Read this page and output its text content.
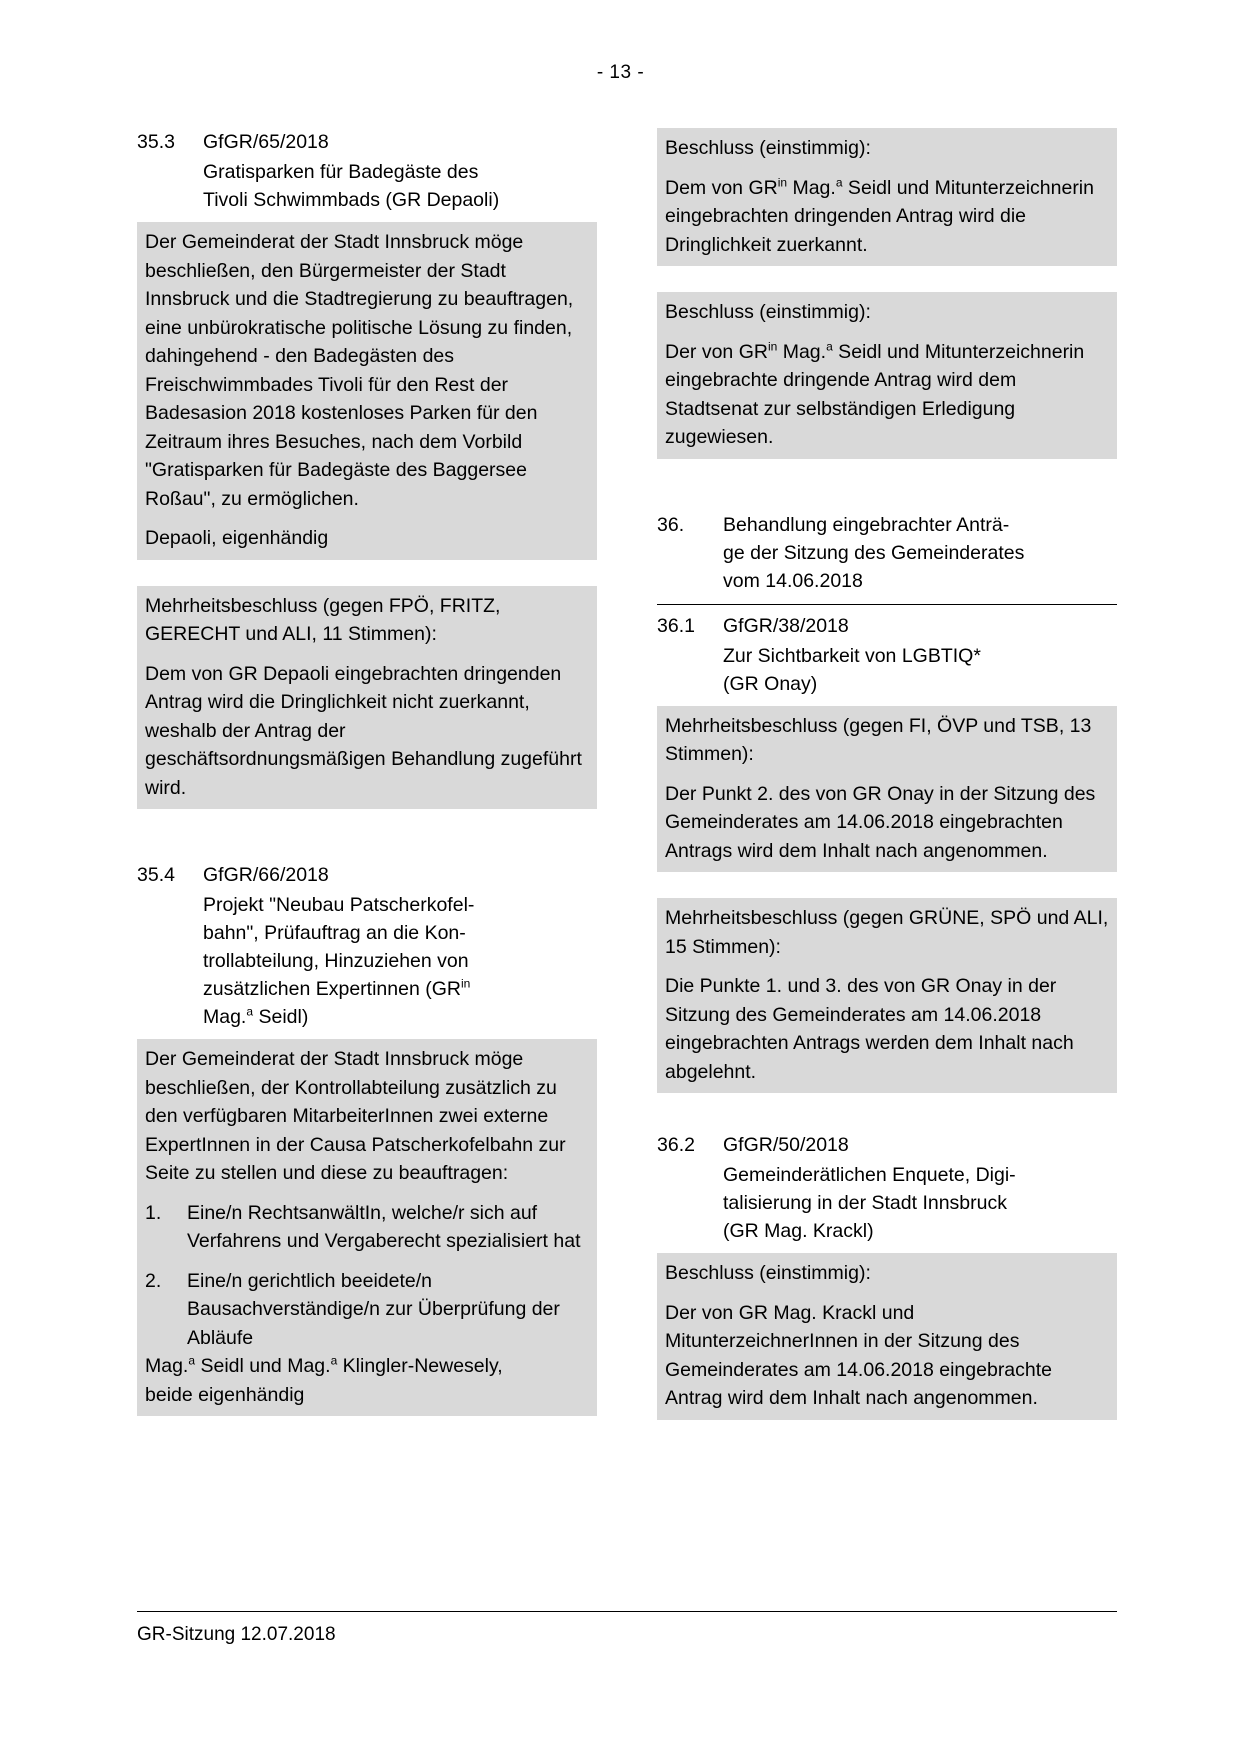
- 13 -
35.3	GfGR/65/2018
Gratisparken für Badegäste des
Tivoli Schwimmbads (GR Depaoli)

Der Gemeinderat der Stadt Innsbruck möge beschließen, den Bürgermeister der Stadt Innsbruck und die Stadtregierung zu beauftragen, eine unbürokratische politische Lösung zu finden, dahingehend - den Badegästen des Freischwimmbades Tivoli für den Rest der Badesasion 2018 kostenloses Parken für den Zeitraum ihres Besuches, nach dem Vorbild "Gratisparken für Badegäste des Baggersee Roßau", zu ermöglichen.

Depaoli, eigenhändig

Mehrheitsbeschluss (gegen FPÖ, FRITZ, GERECHT und ALI, 11 Stimmen):

Dem von GR Depaoli eingebrachten dringenden Antrag wird die Dringlichkeit nicht zuerkannt, weshalb der Antrag der geschäftsordnungsmäßigen Behandlung zugeführt wird.

35.4	GfGR/66/2018
Projekt "Neubau Patscherkofel-
bahn", Prüfauftrag an die Kon-
trollabteilung, Hinzuziehen von
zusätzlichen Expertinnen ($GR^{in}$
Mag.$^a$ Seidl)

Der Gemeinderat der Stadt Innsbruck möge beschließen, der Kontrollabteilung zusätzlich zu den verfügbaren MitarbeiterInnen zwei externe ExpertInnen in der Causa Patscherkofelbahn zur Seite zu stellen und diese zu beauftragen:

1.	Eine/n RechtsanwältIn, welche/r sich auf Verfahrens und Vergaberecht spezialisiert hat
2.	Eine/n gerichtlich beeidete/n Bausachverständige/n zur Überprüfung der Abläufe

Mag.$^a$ Seidl und Mag.$^a$ Klingler-Newesely,
beide eigenhändig

Beschluss (einstimmig):

Dem von $GR^{in}$ Mag.$^a$ Seidl und Mitunterzeichnerin eingebrachten dringenden Antrag wird die Dringlichkeit zuerkannt.

Beschluss (einstimmig):

Der von $GR^{in}$ Mag.$^a$ Seidl und Mitunterzeichnerin eingebrachte dringende Antrag wird dem Stadtsenat zur selbständigen Erledigung zugewiesen.

36.	Behandlung eingebrachter Anträ-
ge der Sitzung des Gemeinderates
vom 14.06.2018
36.1	GfGR/38/2018
Zur Sichtbarkeit von LGBTIQ*
(GR Onay)

Mehrheitsbeschluss (gegen FI, ÖVP und TSB, 13 Stimmen):

Der Punkt 2. des von GR Onay in der Sitzung des Gemeinderates am 14.06.2018 eingebrachten Antrags wird dem Inhalt nach angenommen.

Mehrheitsbeschluss (gegen GRÜNE, SPÖ und ALI, 15 Stimmen):

Die Punkte 1. und 3. des von GR Onay in der Sitzung des Gemeinderates am 14.06.2018 eingebrachten Antrags werden dem Inhalt nach abgelehnt.

36.2	GfGR/50/2018
Gemeinderätlichen Enquete, Digi-
talisierung in der Stadt Innsbruck
(GR Mag. Krackl)

Beschluss (einstimmig):

Der von GR Mag. Krackl und MitunterzeichnerInnen in der Sitzung des Gemeinderates am 14.06.2018 eingebrachte Antrag wird dem Inhalt nach angenommen.

GR-Sitzung 12.07.2018
